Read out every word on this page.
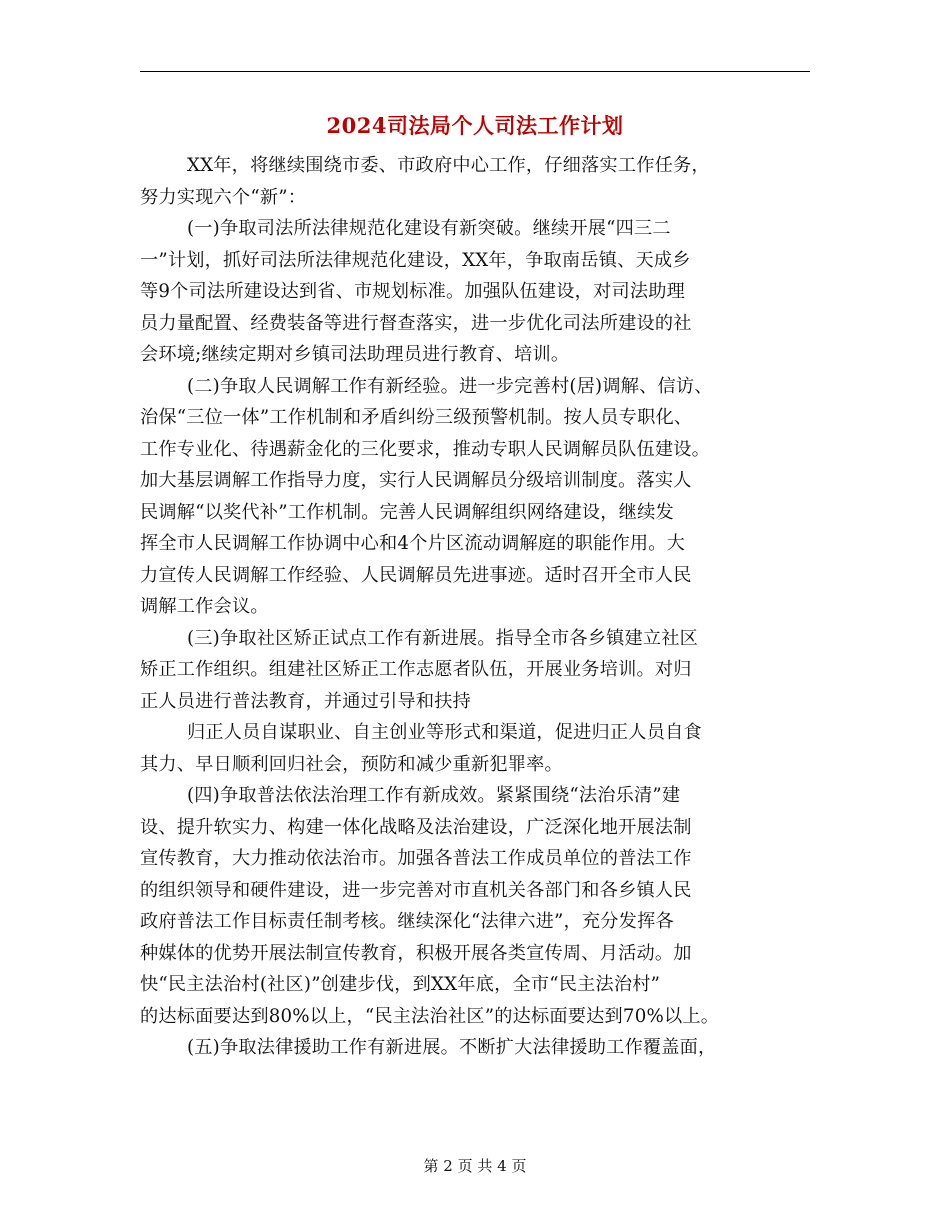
2024司法局个人司法工作计划
XX年，将继续围绕市委、市政府中心工作，仔细落实工作任务，
努力实现六个“新”：
(一)争取司法所法律规范化建设有新突破。继续开展“四三二
一”计划，抓好司法所法律规范化建设，XX年，争取南岳镇、天成乡
等9个司法所建设达到省、市规划标准。加强队伍建设，对司法助理
员力量配置、经费装备等进行督查落实，进一步优化司法所建设的社
会环境;继续定期对乡镇司法助理员进行教育、培训。
(二)争取人民调解工作有新经验。进一步完善村(居)调解、信访、
治保“三位一体”工作机制和矛盾纠纷三级预警机制。按人员专职化、
工作专业化、待遇薪金化的三化要求，推动专职人民调解员队伍建设。
加大基层调解工作指导力度，实行人民调解员分级培训制度。落实人
民调解“以奖代补”工作机制。完善人民调解组织网络建设，继续发
挥全市人民调解工作协调中心和4个片区流动调解庭的职能作用。大
力宣传人民调解工作经验、人民调解员先进事迹。适时召开全市人民
调解工作会议。
(三)争取社区矫正试点工作有新进展。指导全市各乡镇建立社区
矫正工作组织。组建社区矫正工作志愿者队伍，开展业务培训。对归
正人员进行普法教育，并通过引导和扶持
归正人员自谋职业、自主创业等形式和渠道，促进归正人员自食
其力、早日顺利回归社会，预防和减少重新犯罪率。
(四)争取普法依法治理工作有新成效。紧紧围绕“法治乐清”建
设、提升软实力、构建一体化战略及法治建设，广泛深化地开展法制
宣传教育，大力推动依法治市。加强各普法工作成员单位的普法工作
的组织领导和硬件建设，进一步完善对市直机关各部门和各乡镇人民
政府普法工作目标责任制考核。继续深化“法律六进”，充分发挥各
种媒体的优势开展法制宣传教育，积极开展各类宣传周、月活动。加
快“民主法治村(社区)”创建步伐，到XX年底，全市“民主法治村”
的达标面要达到80%以上，“民主法治社区”的达标面要达到70%以上。
(五)争取法律援助工作有新进展。不断扩大法律援助工作覆盖面，
第 2 页 共 4 页
